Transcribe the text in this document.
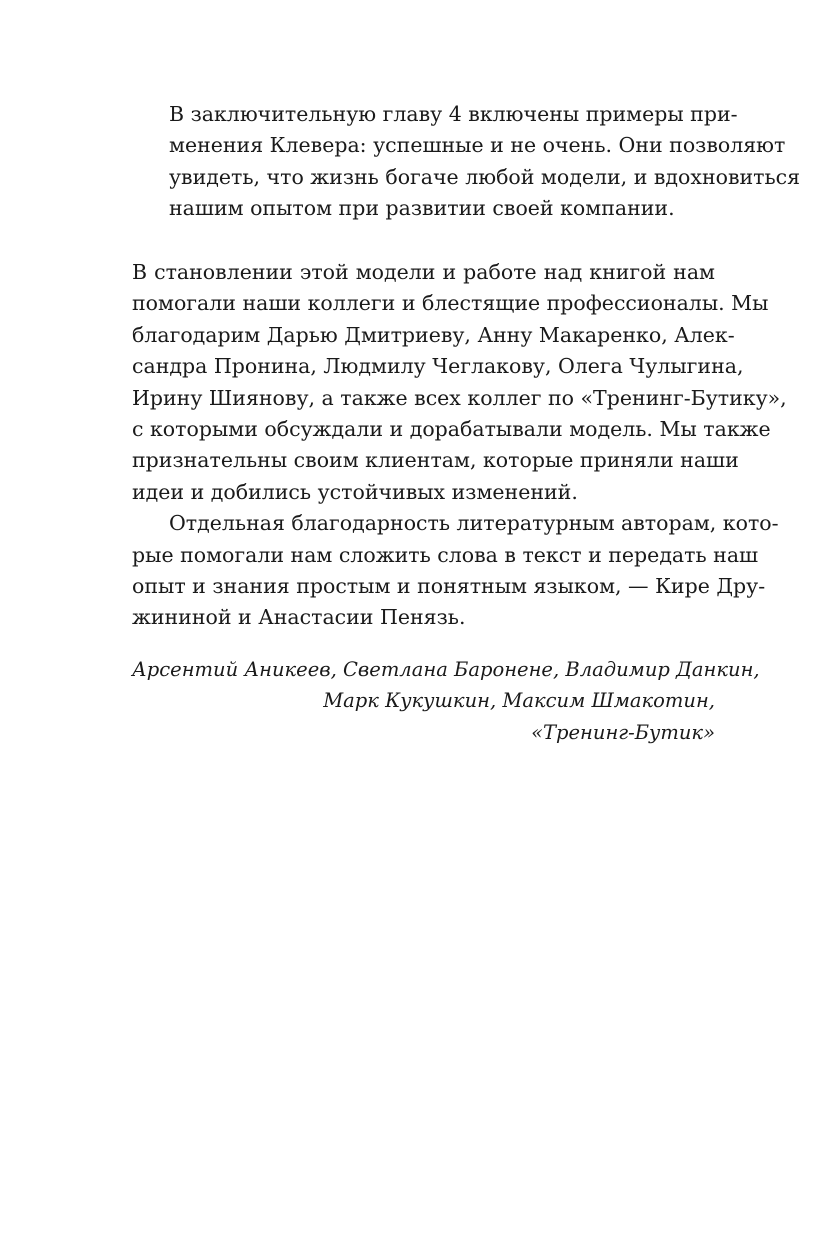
В заключительную главу 4 включены примеры при-
менения Клевера: успешные и не очень. Они позволяют
увидеть, что жизнь богаче любой модели, и вдохновиться
нашим опытом при развитии своей компании.
В становлении этой модели и работе над книгой нам
помогали наши коллеги и блестящие профессионалы. Мы
благодарим Дарью Дмитриеву, Анну Макаренко, Алек-
сандра Пронина, Людмилу Чеглакову, Олега Чулыгина,
Ирину Шиянову, а также всех коллег по «Тренинг-Бутику»,
с которыми обсуждали и дорабатывали модель. Мы также
признательны своим клиентам, которые приняли наши
идеи и добились устойчивых изменений.
Отдельная благодарность литературным авторам, кото-
рые помогали нам сложить слова в текст и передать наш
опыт и знания простым и понятным языком, — Кире Дру-
жининой и Анастасии Пенязь.
Арсентий Аникеев, Светлана Бароненe, Владимир Данкин,
Марк Кукушкин, Максим Шмакотин,
«Тренинг-Бутик»
